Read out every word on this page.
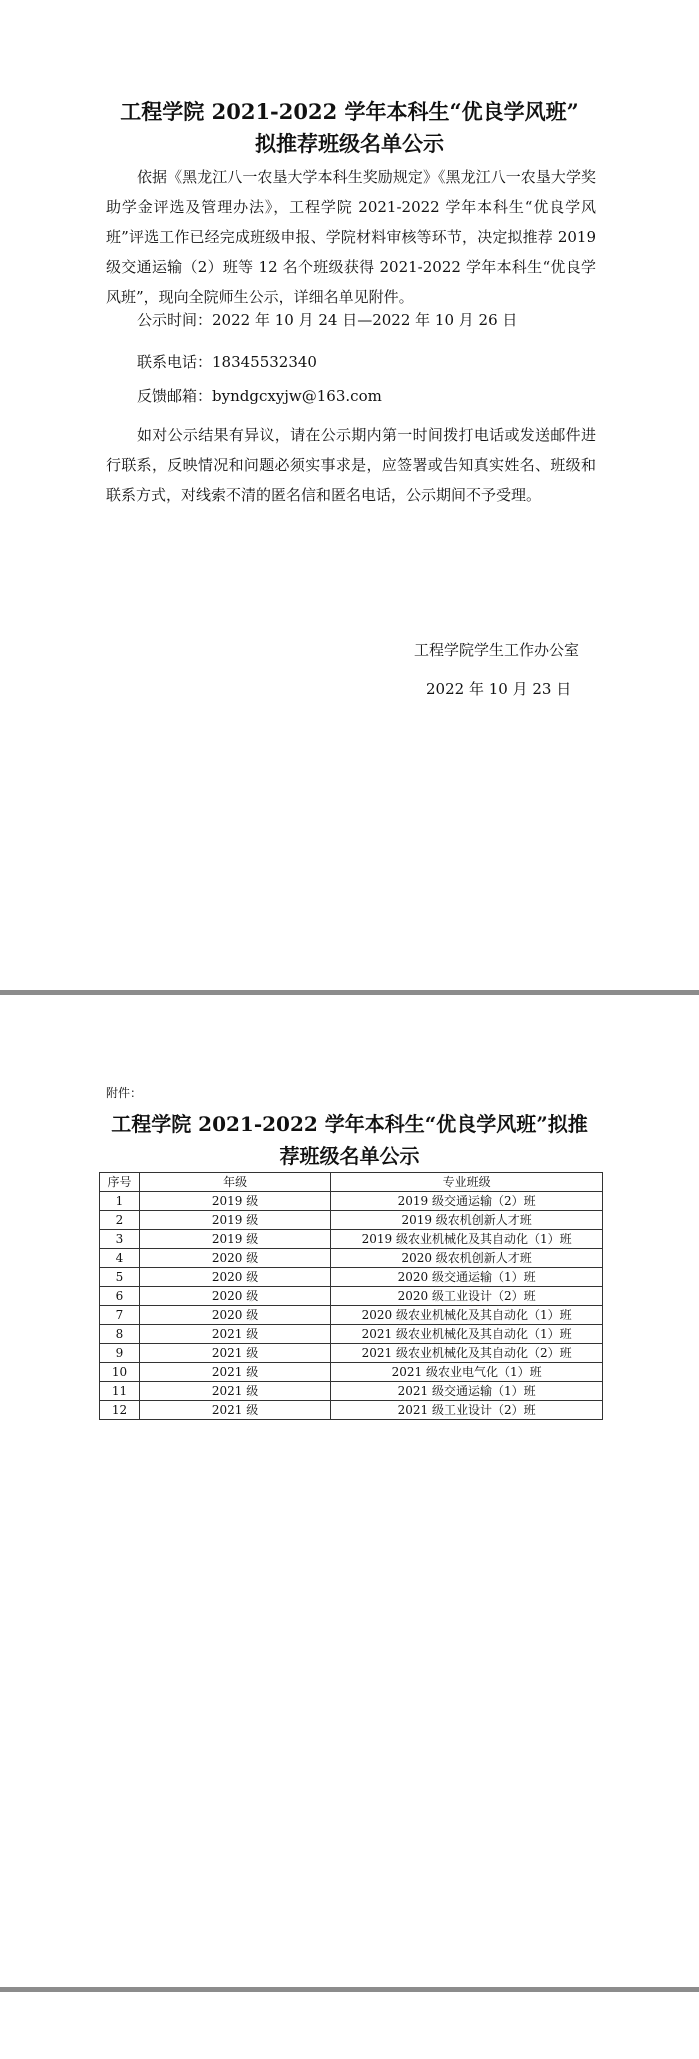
工程学院 2021-2022 学年本科生“优良学风班”
拟推荐班级名单公示
依据《黑龙江八一农垦大学本科生奖励规定》《黑龙江八一农垦大学奖助学金评选及管理办法》，工程学院 2021-2022 学年本科生“优良学风班”评选工作已经完成班级申报、学院材料审核等环节，决定拟推荐 2019 级交通运输（2）班等 12 名个班级获得 2021-2022 学年本科生“优良学风班”，现向全院师生公示，详细名单见附件。
公示时间：2022 年 10 月 24 日—2022 年 10 月 26 日
联系电话：18345532340
反馈邮箱：byndgcxyjw@163.com
如对公示结果有异议，请在公示期内第一时间拨打电话或发送邮件进行联系，反映情况和问题必须实事求是，应签署或告知真实姓名、班级和联系方式，对线索不清的匿名信和匿名电话，公示期间不予受理。
工程学院学生工作办公室
2022 年 10 月 23 日
附件：
工程学院 2021-2022 学年本科生“优良学风班”拟推
荐班级名单公示
序号	年级	专业班级
1	2019 级	2019 级交通运输（2）班
2	2019 级	2019 级农机创新人才班
3	2019 级	2019 级农业机械化及其自动化（1）班
4	2020 级	2020 级农机创新人才班
5	2020 级	2020 级交通运输（1）班
6	2020 级	2020 级工业设计（2）班
7	2020 级	2020 级农业机械化及其自动化（1）班
8	2021 级	2021 级农业机械化及其自动化（1）班
9	2021 级	2021 级农业机械化及其自动化（2）班
10	2021 级	2021 级农业电气化（1）班
11	2021 级	2021 级交通运输（1）班
12	2021 级	2021 级工业设计（2）班
